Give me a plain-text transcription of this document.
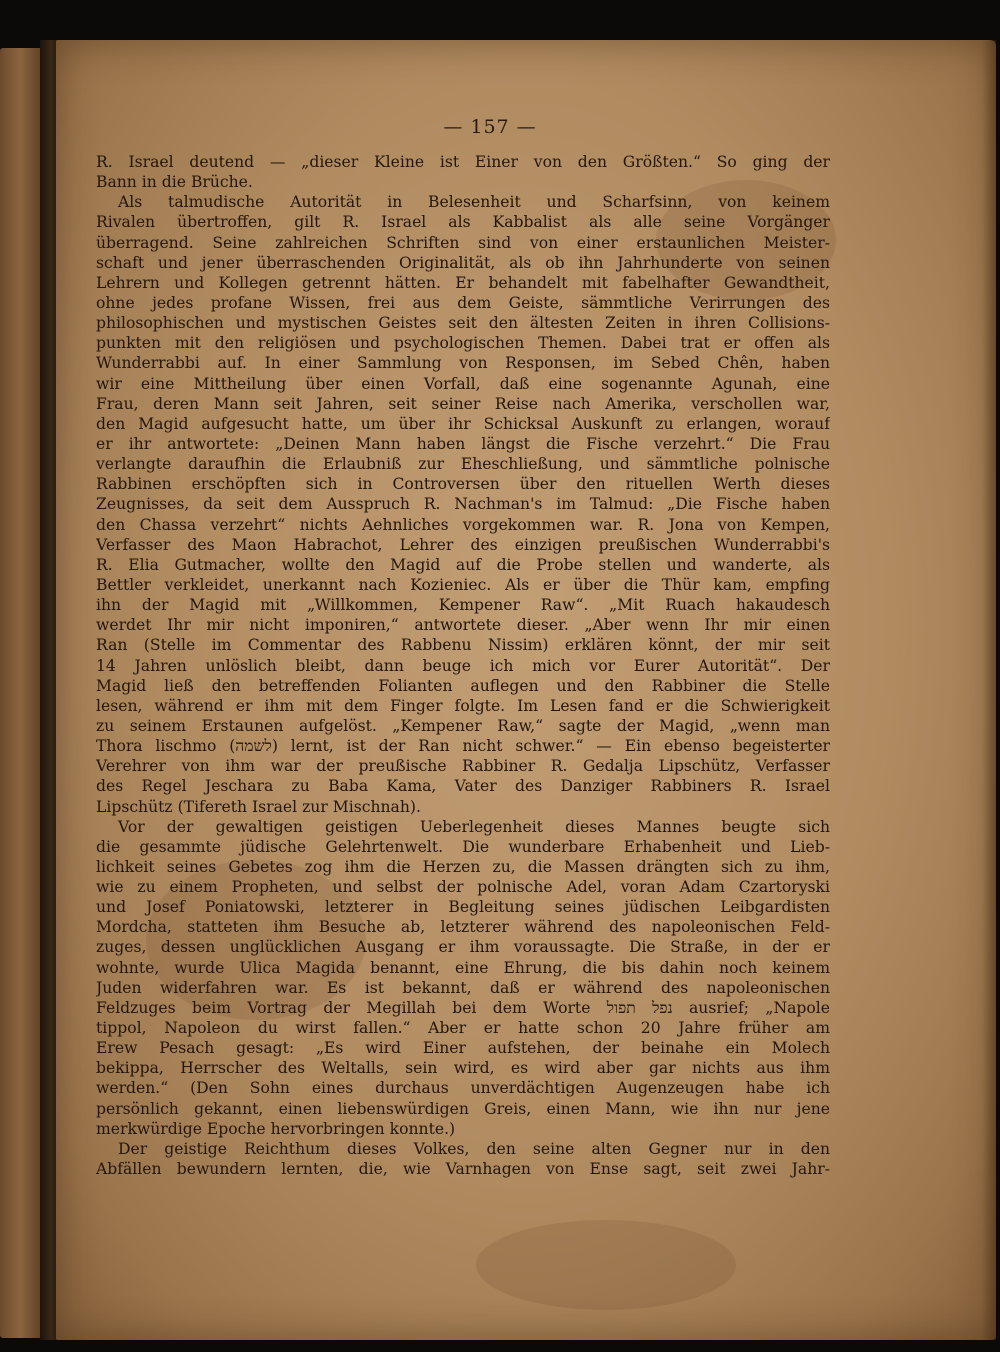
— 157 —
R. Israel deutend — „dieser Kleine ist Einer von den Größten.“ So ging der
Bann in die Brüche.
Als talmudische Autorität in Belesenheit und Scharfsinn, von keinem
Rivalen übertroffen, gilt R. Israel als Kabbalist als alle seine Vorgänger
überragend. Seine zahlreichen Schriften sind von einer erstaunlichen Meister-
schaft und jener überraschenden Originalität, als ob ihn Jahrhunderte von seinen
Lehrern und Kollegen getrennt hätten. Er behandelt mit fabelhafter Gewandtheit,
ohne jedes profane Wissen, frei aus dem Geiste, sämmtliche Verirrungen des
philosophischen und mystischen Geistes seit den ältesten Zeiten in ihren Collisions-
punkten mit den religiösen und psychologischen Themen. Dabei trat er offen als
Wunderrabbi auf. In einer Sammlung von Responsen, im Sebed Chên, haben
wir eine Mittheilung über einen Vorfall, daß eine sogenannte Agunah, eine
Frau, deren Mann seit Jahren, seit seiner Reise nach Amerika, verschollen war,
den Magid aufgesucht hatte, um über ihr Schicksal Auskunft zu erlangen, worauf
er ihr antwortete: „Deinen Mann haben längst die Fische verzehrt.“ Die Frau
verlangte daraufhin die Erlaubniß zur Eheschließung, und sämmtliche polnische
Rabbinen erschöpften sich in Controversen über den rituellen Werth dieses
Zeugnisses, da seit dem Ausspruch R. Nachman's im Talmud: „Die Fische haben
den Chassa verzehrt“ nichts Aehnliches vorgekommen war. R. Jona von Kempen,
Verfasser des Maon Habrachot, Lehrer des einzigen preußischen Wunderrabbi's
R. Elia Gutmacher, wollte den Magid auf die Probe stellen und wanderte, als
Bettler verkleidet, unerkannt nach Kozieniec. Als er über die Thür kam, empfing
ihn der Magid mit „Willkommen, Kempener Raw“. „Mit Ruach hakaudesch
werdet Ihr mir nicht imponiren,“ antwortete dieser. „Aber wenn Ihr mir einen
Ran (Stelle im Commentar des Rabbenu Nissim) erklären könnt, der mir seit
14 Jahren unlöslich bleibt, dann beuge ich mich vor Eurer Autorität“. Der
Magid ließ den betreffenden Folianten auflegen und den Rabbiner die Stelle
lesen, während er ihm mit dem Finger folgte. Im Lesen fand er die Schwierigkeit
zu seinem Erstaunen aufgelöst. „Kempener Raw,“ sagte der Magid, „wenn man
Thora lischmo (לשמה) lernt, ist der Ran nicht schwer.“ — Ein ebenso begeisterter
Verehrer von ihm war der preußische Rabbiner R. Gedalja Lipschütz, Verfasser
des Regel Jeschara zu Baba Kama, Vater des Danziger Rabbiners R. Israel
Lipschütz (Tifereth Israel zur Mischnah).
Vor der gewaltigen geistigen Ueberlegenheit dieses Mannes beugte sich
die gesammte jüdische Gelehrtenwelt. Die wunderbare Erhabenheit und Lieb-
lichkeit seines Gebetes zog ihm die Herzen zu, die Massen drängten sich zu ihm,
wie zu einem Propheten, und selbst der polnische Adel, voran Adam Czartoryski
und Josef Poniatowski, letzterer in Begleitung seines jüdischen Leibgardisten
Mordcha, statteten ihm Besuche ab, letzterer während des napoleonischen Feld-
zuges, dessen unglücklichen Ausgang er ihm voraussagte. Die Straße, in der er
wohnte, wurde Ulica Magida benannt, eine Ehrung, die bis dahin noch keinem
Juden widerfahren war. Es ist bekannt, daß er während des napoleonischen
Feldzuges beim Vortrag der Megillah bei dem Worte נפל תפול ausrief; „Napole
tippol, Napoleon du wirst fallen.“ Aber er hatte schon 20 Jahre früher am
Erew Pesach gesagt: „Es wird Einer aufstehen, der beinahe ein Molech
bekippa, Herrscher des Weltalls, sein wird, es wird aber gar nichts aus ihm
werden.“ (Den Sohn eines durchaus unverdächtigen Augenzeugen habe ich
persönlich gekannt, einen liebenswürdigen Greis, einen Mann, wie ihn nur jene
merkwürdige Epoche hervorbringen konnte.)
Der geistige Reichthum dieses Volkes, den seine alten Gegner nur in den
Abfällen bewundern lernten, die, wie Varnhagen von Ense sagt, seit zwei Jahr-
